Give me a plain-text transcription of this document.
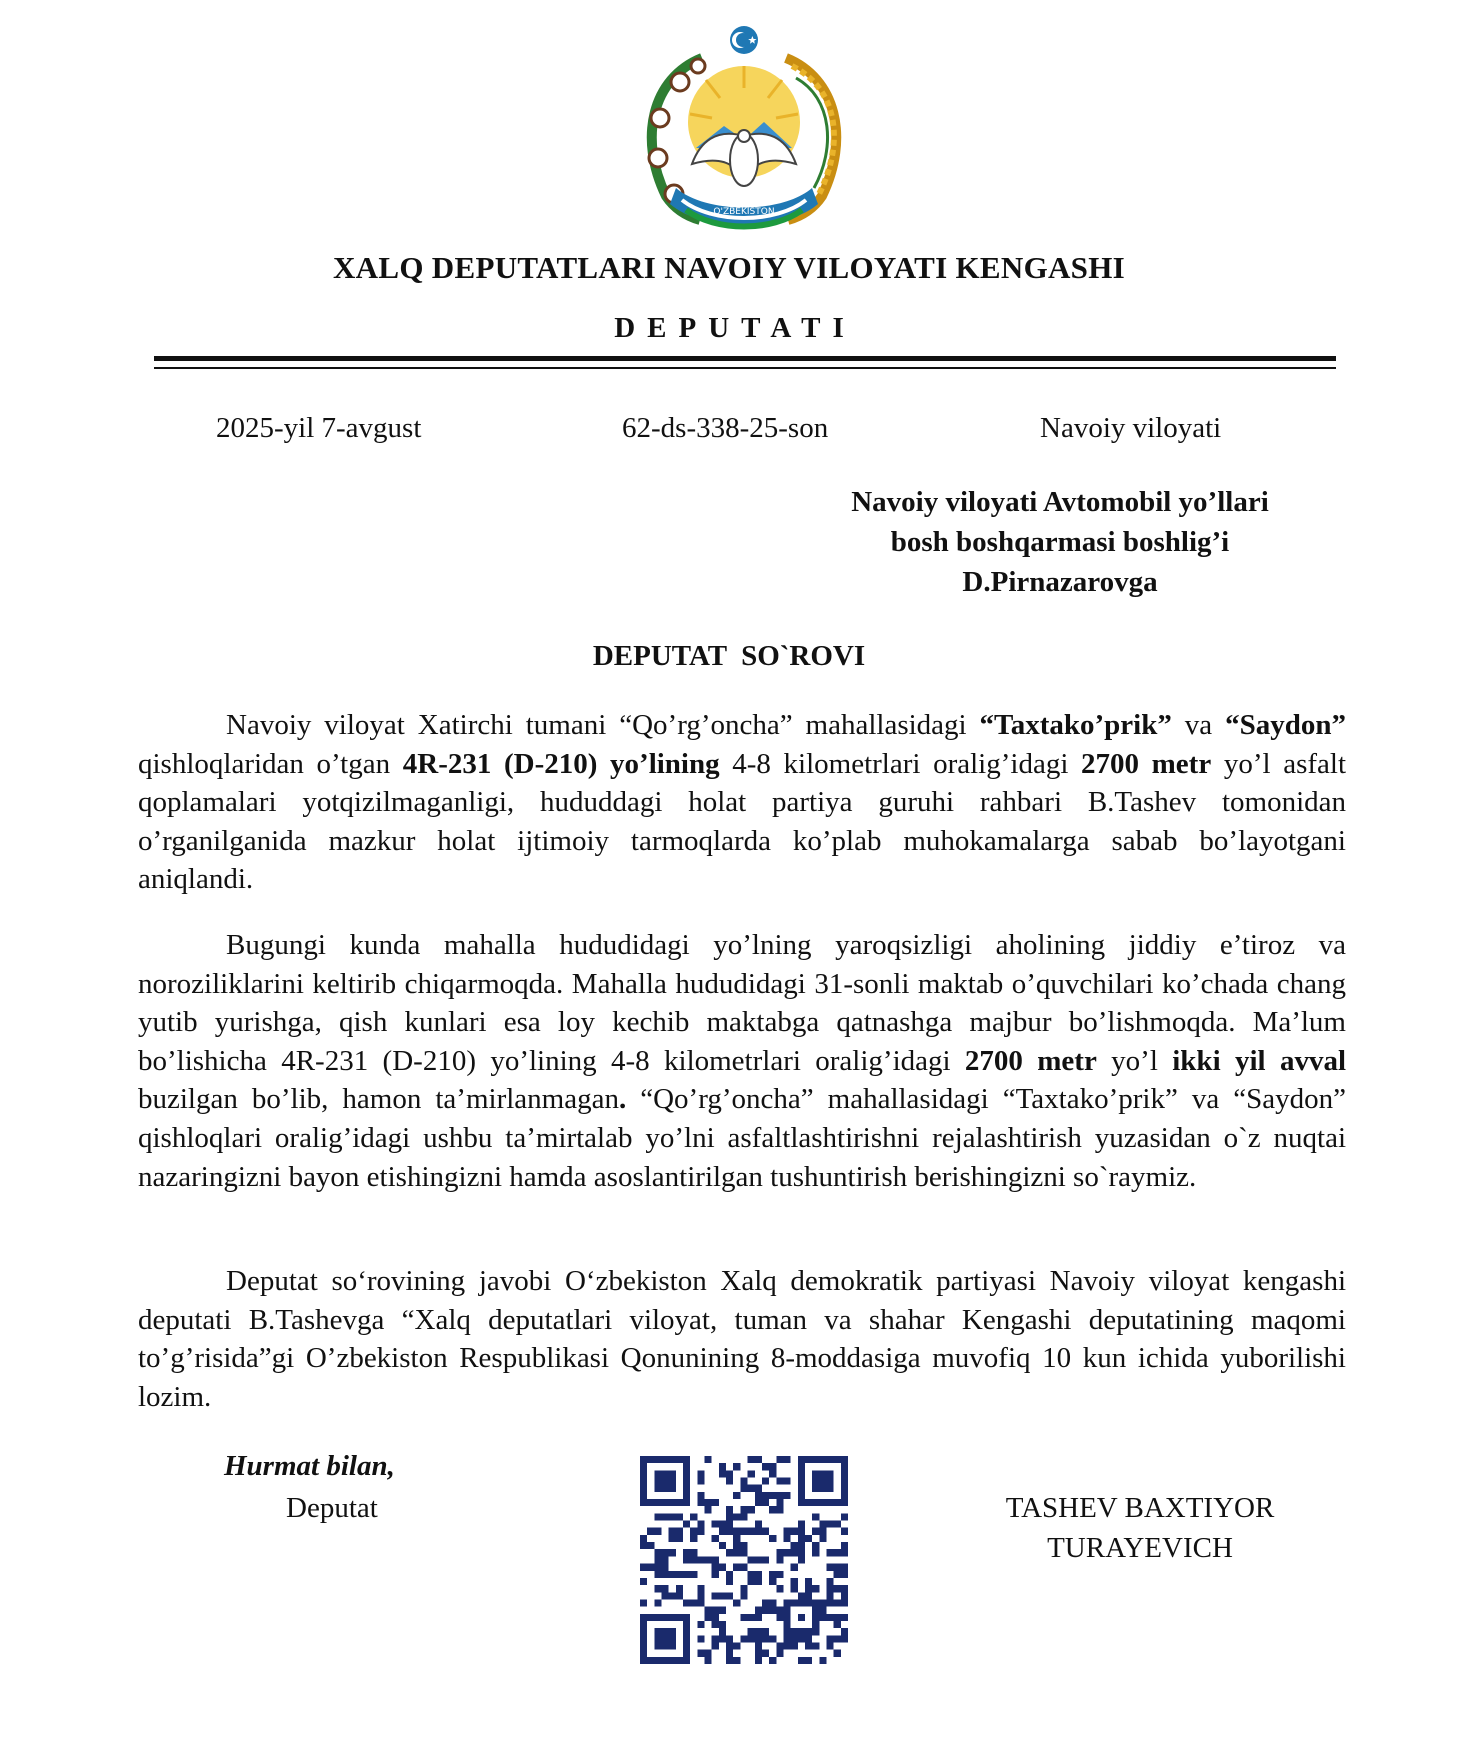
O'ZBEKISTON
XALQ DEPUTATLARI NAVOIY VILOYATI KENGASHI
DEPUTATI
2025-yil 7-avgust	62-ds-338-25-son	Navoiy viloyati
Navoiy viloyati Avtomobil yo’llari
bosh boshqarmasi boshlig’i
D.Pirnazarovga
DEPUTAT  SO`ROVI

Navoiy viloyat Xatirchi tumani “Qo’rg’oncha” mahallasidagi “Taxtako’prik” va “Saydon” qishloqlaridan o’tgan 4R-231 (D-210) yo’lining 4-8 kilometrlari oralig’idagi 2700 metr yo’l asfalt qoplamalari yotqizilmaganligi, hududdagi holat partiya guruhi rahbari B.Tashev tomonidan o’rganilganida mazkur holat ijtimoiy tarmoqlarda ko’plab muhokamalarga sabab bo’layotgani aniqlandi.

Bugungi kunda mahalla hududidagi yo’lning yaroqsizligi aholining jiddiy e’tiroz va noroziliklarini keltirib chiqarmoqda. Mahalla hududidagi 31-sonli maktab o’quvchilari ko’chada chang yutib yurishga, qish kunlari esa loy kechib maktabga qatnashga majbur bo’lishmoqda. Ma’lum bo’lishicha 4R-231 (D-210) yo’lining 4-8 kilometrlari oralig’idagi 2700 metr yo’l ikki yil avval buzilgan bo’lib, hamon ta’mirlanmagan. “Qo’rg’oncha” mahallasidagi “Taxtako’prik” va “Saydon” qishloqlari oralig’idagi ushbu ta’mirtalab yo’lni asfaltlashtirishni rejalashtirish yuzasidan o`z nuqtai nazaringizni bayon etishingizni hamda asoslantirilgan tushuntirish berishingizni so`raymiz.

Deputat so‘rovining javobi O‘zbekiston Xalq demokratik partiyasi Navoiy viloyat kengashi deputati B.Tashevga “Xalq deputatlari viloyat, tuman va shahar Kengashi deputatining maqomi to’g’risida”gi O’zbekiston Respublikasi Qonunining 8-moddasiga muvofiq 10 kun ichida yuborilishi lozim.

Hurmat bilan,
Deputat	TASHEV BAXTIYOR
TURAYEVICH
